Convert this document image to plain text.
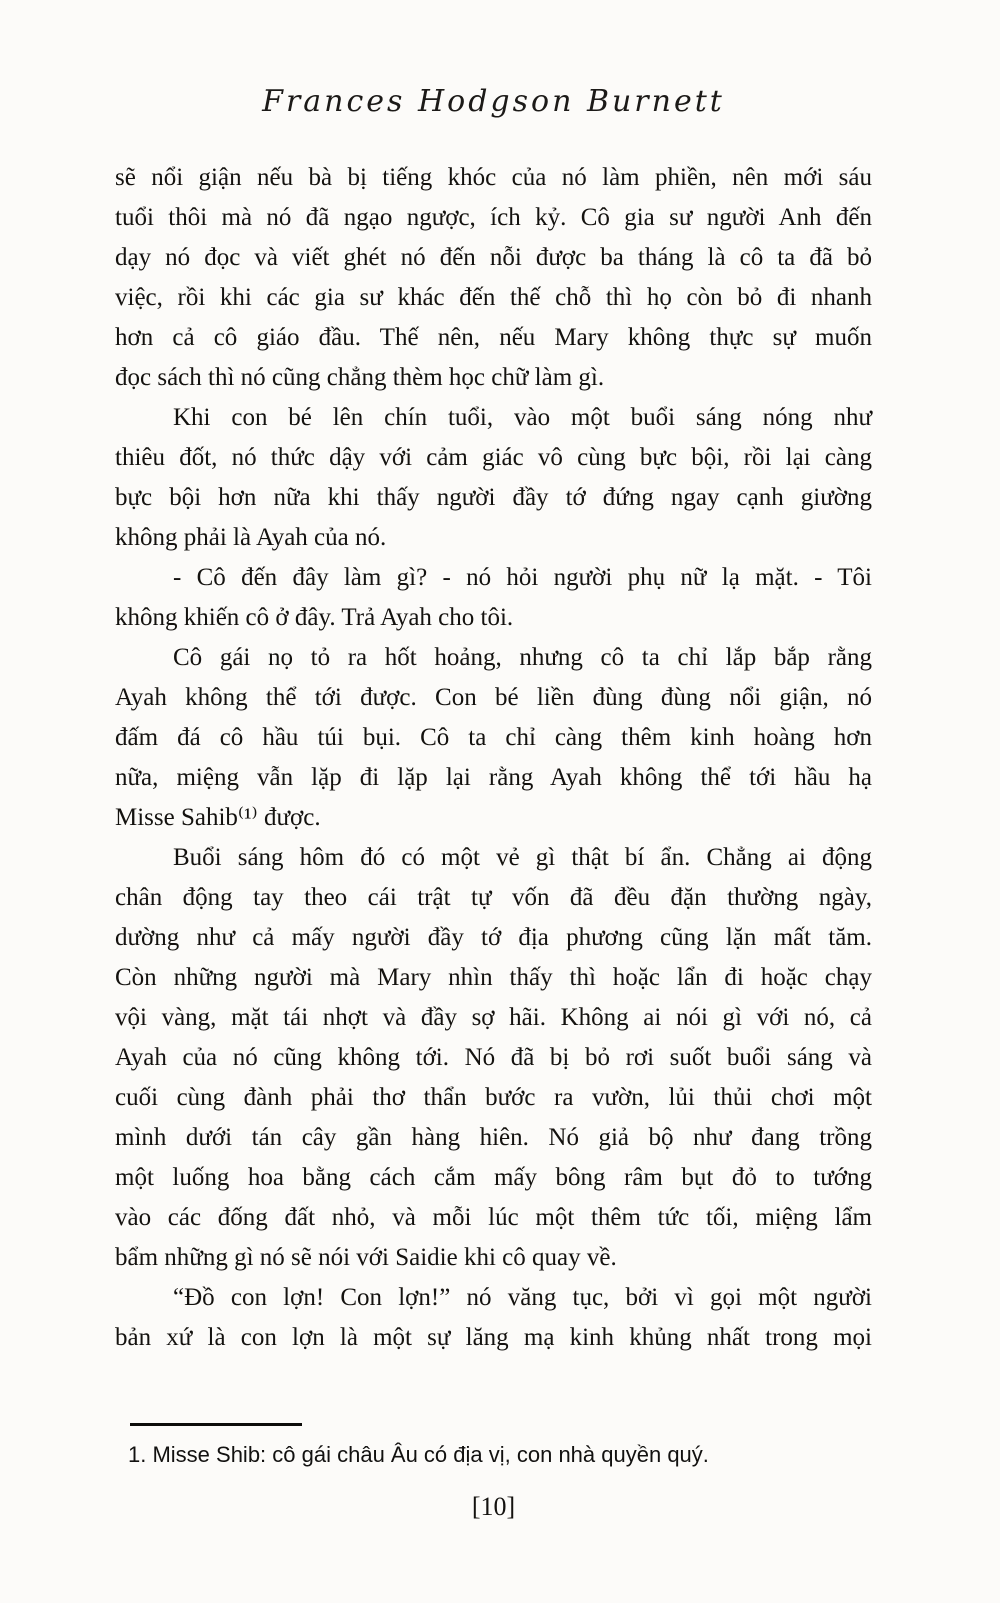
Frances Hodgson Burnett
sẽ nổi giận nếu bà bị tiếng khóc của nó làm phiền, nên mới sáu
tuổi thôi mà nó đã ngạo ngược, ích kỷ. Cô gia sư người Anh đến
dạy nó đọc và viết ghét nó đến nỗi được ba tháng là cô ta đã bỏ
việc, rồi khi các gia sư khác đến thế chỗ thì họ còn bỏ đi nhanh
hơn cả cô giáo đầu. Thế nên, nếu Mary không thực sự muốn
đọc sách thì nó cũng chẳng thèm học chữ làm gì.
Khi con bé lên chín tuổi, vào một buổi sáng nóng như
thiêu đốt, nó thức dậy với cảm giác vô cùng bực bội, rồi lại càng
bực bội hơn nữa khi thấy người đầy tớ đứng ngay cạnh giường
không phải là Ayah của nó.
- Cô đến đây làm gì? - nó hỏi người phụ nữ lạ mặt. - Tôi
không khiến cô ở đây. Trả Ayah cho tôi.
Cô gái nọ tỏ ra hốt hoảng, nhưng cô ta chỉ lắp bắp rằng
Ayah không thể tới được. Con bé liền đùng đùng nổi giận, nó
đấm đá cô hầu túi bụi. Cô ta chỉ càng thêm kinh hoàng hơn
nữa, miệng vẫn lặp đi lặp lại rằng Ayah không thể tới hầu hạ
Misse Sahib⁽¹⁾ được.
Buổi sáng hôm đó có một vẻ gì thật bí ẩn. Chẳng ai động
chân động tay theo cái trật tự vốn đã đều đặn thường ngày,
dường như cả mấy người đầy tớ địa phương cũng lặn mất tăm.
Còn những người mà Mary nhìn thấy thì hoặc lẩn đi hoặc chạy
vội vàng, mặt tái nhợt và đầy sợ hãi. Không ai nói gì với nó, cả
Ayah của nó cũng không tới. Nó đã bị bỏ rơi suốt buổi sáng và
cuối cùng đành phải thơ thẩn bước ra vườn, lủi thủi chơi một
mình dưới tán cây gần hàng hiên. Nó giả bộ như đang trồng
một luống hoa bằng cách cắm mấy bông râm bụt đỏ to tướng
vào các đống đất nhỏ, và mỗi lúc một thêm tức tối, miệng lẩm
bẩm những gì nó sẽ nói với Saidie khi cô quay về.
“Đồ con lợn! Con lợn!” nó văng tục, bởi vì gọi một người
bản xứ là con lợn là một sự lăng mạ kinh khủng nhất trong mọi
1. Misse Shib: cô gái châu Âu có địa vị, con nhà quyền quý.
[10]
